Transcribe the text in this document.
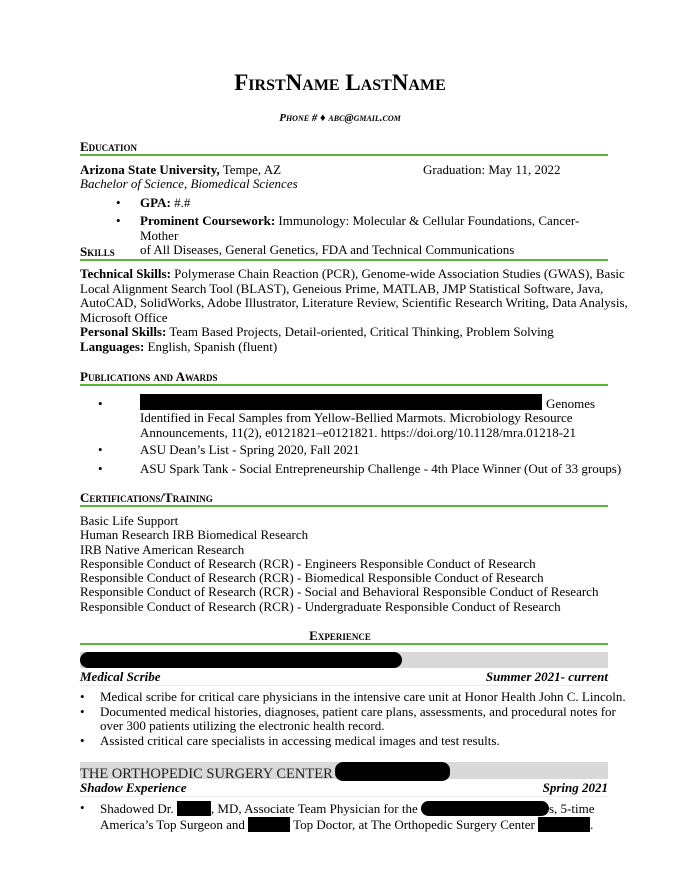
FirstName LastName
Phone # ♦ abc@gmail.com
Education
Arizona State University, Tempe, AZ	Graduation: May 11, 2022
Bachelor of Science, Biomedical Sciences
• GPA: #.#
• Prominent Coursework: Immunology: Molecular & Cellular Foundations, Cancer- Mother
of All Diseases, General Genetics, FDA and Technical Communications
Skills
Technical Skills: Polymerase Chain Reaction (PCR), Genome-wide Association Studies (GWAS), Basic
Local Alignment Search Tool (BLAST), Geneious Prime, MATLAB, JMP Statistical Software, Java,
AutoCAD, SolidWorks, Adobe Illustrator, Literature Review, Scientific Research Writing, Data Analysis,
Microsoft Office
Personal Skills: Team Based Projects, Detail-oriented, Critical Thinking, Problem Solving
Languages: English, Spanish (fluent)
Publications and Awards
•	Genomes
Identified in Fecal Samples from Yellow-Bellied Marmots. Microbiology Resource
Announcements, 11(2), e0121821–e0121821. https://doi.org/10.1128/mra.01218-21
•	ASU Dean’s List - Spring 2020, Fall 2021
•	ASU Spark Tank - Social Entrepreneurship Challenge - 4th Place Winner (Out of 33 groups)
Certifications/Training
Basic Life Support
Human Research IRB Biomedical Research
IRB Native American Research
Responsible Conduct of Research (RCR) - Engineers Responsible Conduct of Research
Responsible Conduct of Research (RCR) - Biomedical Responsible Conduct of Research
Responsible Conduct of Research (RCR) - Social and Behavioral Responsible Conduct of Research
Responsible Conduct of Research (RCR) - Undergraduate Responsible Conduct of Research
Experience
Medical Scribe	Summer 2021- current
• Medical scribe for critical care physicians in the intensive care unit at Honor Health John C. Lincoln.
• Documented medical histories, diagnoses, patient care plans, assessments, and procedural notes for
over 300 patients utilizing the electronic health record.
• Assisted critical care specialists in accessing medical images and test results.
THE ORTHOPEDIC SURGERY CENTER
Shadow Experience	Spring 2021
• Shadowed Dr.	, MD, Associate Team Physician for the	s, 5-time
America’s Top Surgeon and	Top Doctor, at The Orthopedic Surgery Center	.
